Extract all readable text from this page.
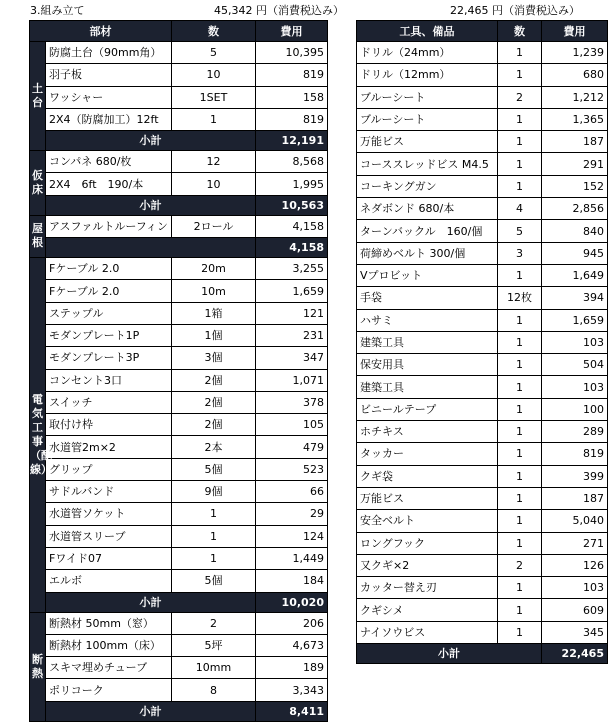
3.組み立て	45,342 円（消費税込み）	22,465 円（消費税込み）
部材		数	費用
土台	防腐土台（90mm角）	5	10,395
	羽子板	10	819
	ワッシャー	1SET	158
	2X4（防腐加工）12ft	1	819
	小計		12,191
仮床	コンパネ 680/枚	12	8,568
	2X4　6ft　190/本	10	1,995
	小計		10,563
屋根	アスファルトルーフィン	2ロール	4,158
			4,158
電気工事（配線）	Fケーブル 2.0	20m	3,255
	Fケーブル 2.0	10m	1,659
	ステップル	1箱	121
	モダンプレート1P	1個	231
	モダンプレート3P	3個	347
	コンセント3口	2個	1,071
	スイッチ	2個	378
	取付け枠	2個	105
	水道管2m×2	2本	479
	グリップ	5個	523
	サドルバンド	9個	66
	水道管ソケット	1	29
	水道管スリーブ	1	124
	Fワイド07	1	1,449
	エルボ	5個	184
	小計		10,020
断熱	断熱材 50mm（窓）	2	206
	断熱材 100mm（床）	5坪	4,673
	スキマ埋めチューブ	10mm	189
	ポリコーク	8	3,343
	小計		8,411
工具、備品	数	費用
ドリル（24mm）	1	1,239
ドリル（12mm）	1	680
ブルーシート	2	1,212
ブルーシート	1	1,365
万能ビス	1	187
コーススレッドビス M4.5	1	291
コーキングガン	1	152
ネダボンド 680/本	4	2,856
ターンバックル　160/個	5	840
荷締めベルト 300/個	3	945
Vプロビット	1	1,649
手袋	12枚	394
ハサミ	1	1,659
建築工具	1	103
保安用具	1	504
建築工具	1	103
ビニールテープ	1	100
ホチキス	1	289
タッカー	1	819
クギ袋	1	399
万能ビス	1	187
安全ベルト	1	5,040
ロングフック	1	271
又クギ×2	2	126
カッター替え刃	1	103
クギシメ	1	609
ナイソウビス	1	345
小計		22,465
